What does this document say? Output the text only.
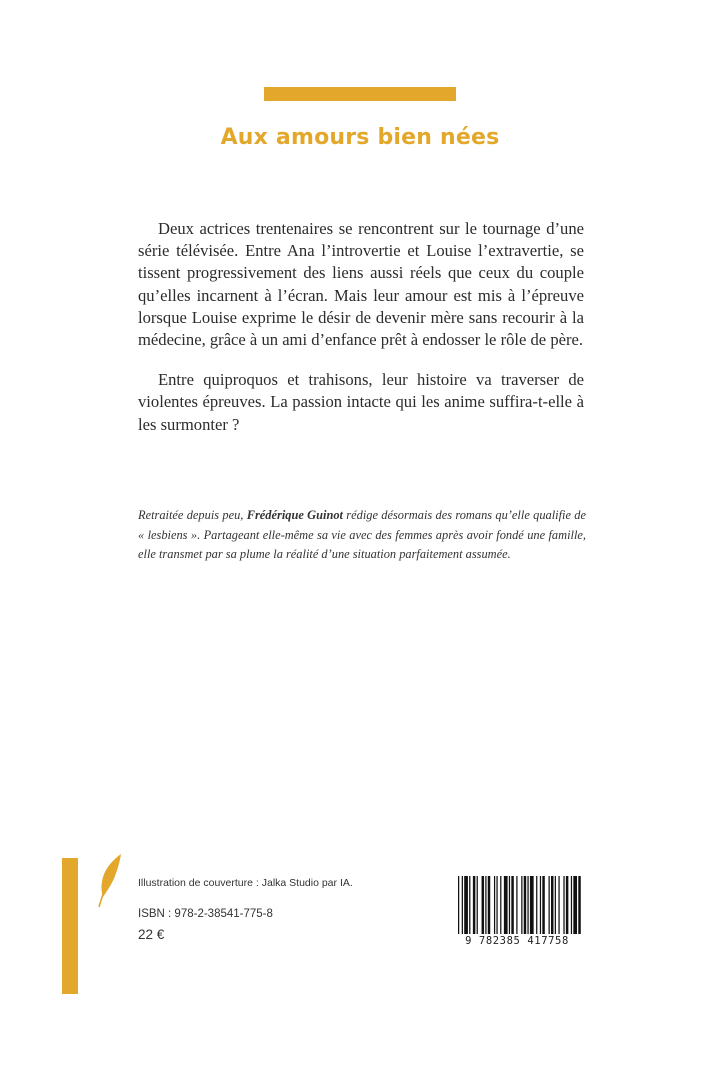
Aux amours bien nées

Deux actrices trentenaires se rencontrent sur le tournage d’une série télévisée. Entre Ana l’introvertie et Louise l’extravertie, se tissent progressivement des liens aussi réels que ceux du couple qu’elles incarnent à l’écran. Mais leur amour est mis à l’épreuve lorsque Louise exprime le désir de devenir mère sans recourir à la médecine, grâce à un ami d’enfance prêt à endosser le rôle de père.

Entre quiproquos et trahisons, leur histoire va traverser de violentes épreuves. La passion intacte qui les anime suffira-t-elle à les surmonter ?

Retraitée depuis peu, Frédérique Guinot rédige désormais des romans qu’elle qualifie de « lesbiens ». Partageant elle-même sa vie avec des femmes après avoir fondé une famille, elle transmet par sa plume la réalité d’une situation parfaitement assumée.

Illustration de couverture : Jalka Studio par IA.
ISBN : 978-2-38541-775-8
22 €	9 782385 417758
